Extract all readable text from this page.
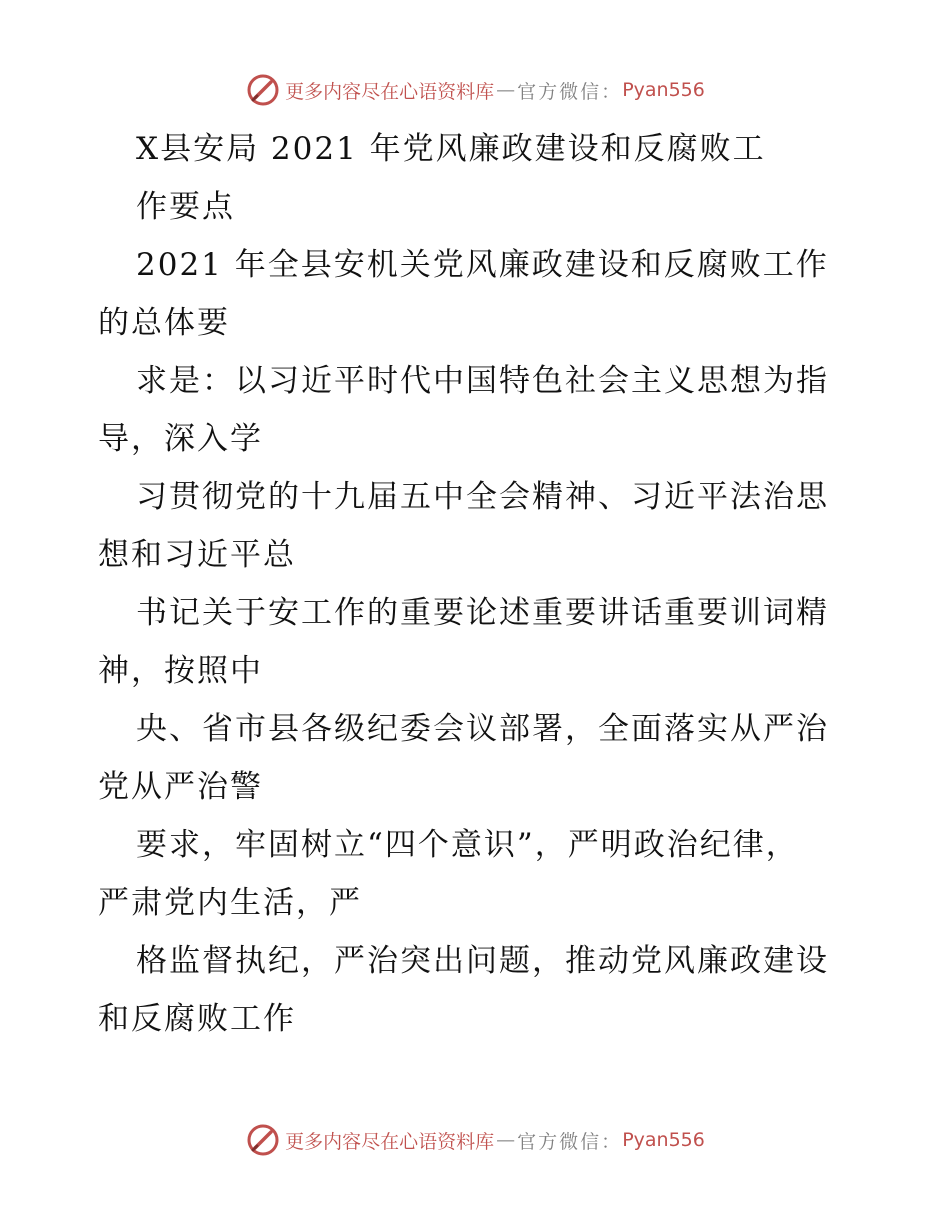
更多内容尽在心语资料库 — 官方微信： Pyan556
X县安局 2021 年党风廉政建设和反腐败工
作要点
2021 年全县安机关党风廉政建设和反腐败工作
的总体要
求是：以习近平时代中国特色社会主义思想为指
导，深入学
习贯彻党的十九届五中全会精神、习近平法治思
想和习近平总
书记关于安工作的重要论述重要讲话重要训词精
神，按照中
央、省市县各级纪委会议部署，全面落实从严治
党从严治警
要求，牢固树立“四个意识”，严明政治纪律，
严肃党内生活，严
格监督执纪，严治突出问题，推动党风廉政建设
和反腐败工作
更多内容尽在心语资料库 — 官方微信： Pyan556
